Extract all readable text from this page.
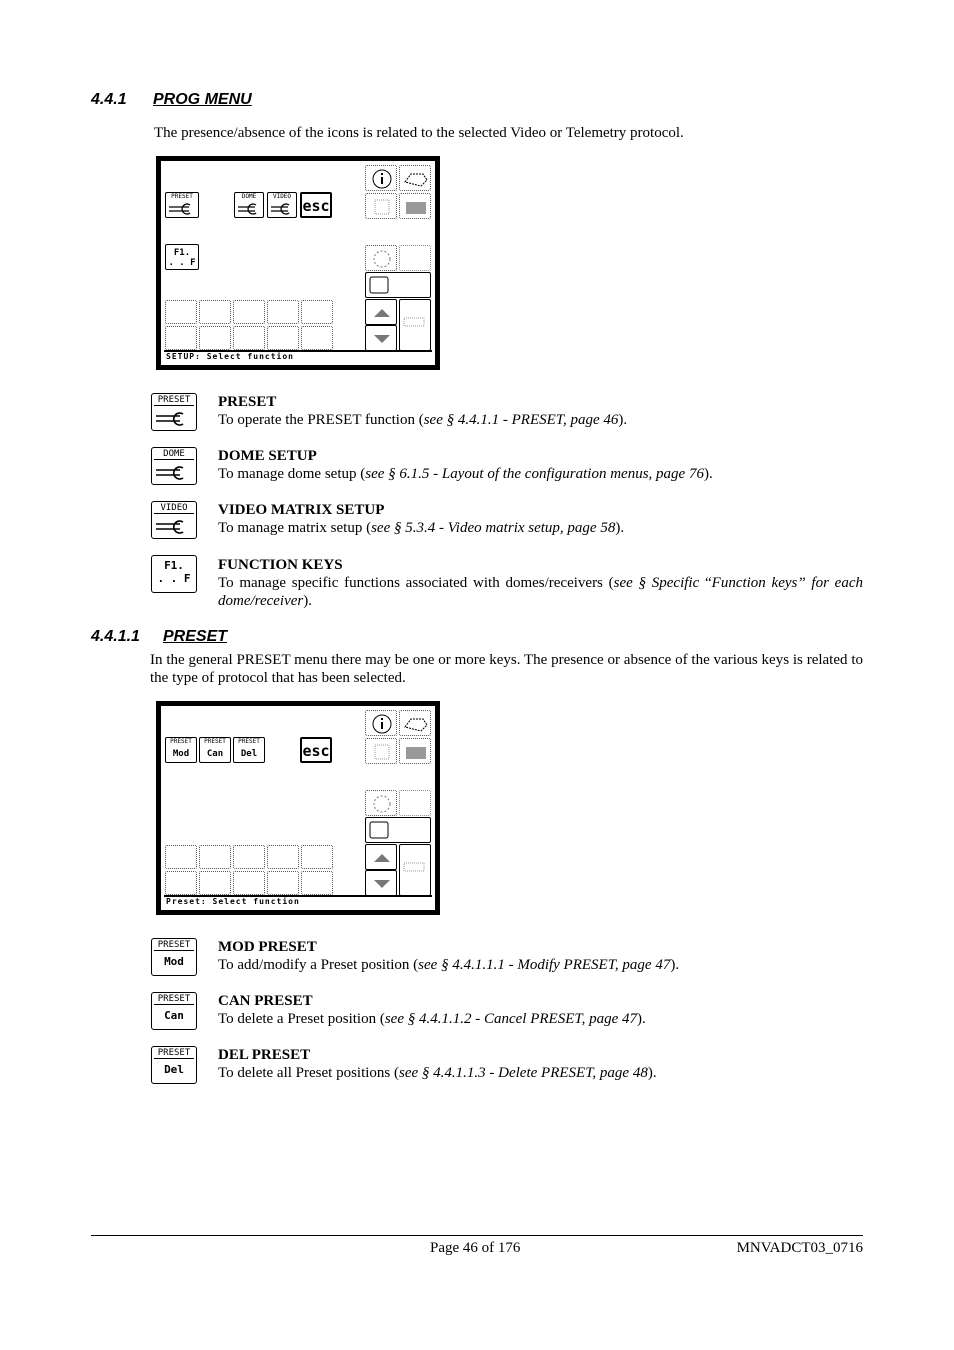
4.4.1 PROG MENU
The presence/absence of the icons is related to the selected Video or Telemetry protocol.
PRESET	DOME	VIDEO
esc
F1.
. . F
SETUP: Select function
PRESET PRESET
To operate the PRESET function (see § 4.4.1.1 - PRESET, page 46).
DOME	DOME SETUP
To manage dome setup (see § 6.1.5 - Layout of the configuration menus, page 76).
VIDEO	VIDEO MATRIX SETUP
To manage matrix setup (see § 5.3.4 - Video matrix setup, page 58).
F1.
. . F
FUNCTION KEYS
To manage specific functions associated with domes/receivers (see § Specific “Function keys” for each dome/receiver).
4.4.1.1 PRESET
In the general PRESET menu there may be one or more keys. The presence or absence of the various keys is related to the type of protocol that has been selected.
PRESET
Mod
PRESET
Can
PRESET
Del	esc
Preset: Select function
PRESET
Mod
MOD PRESET
To add/modify a Preset position (see § 4.4.1.1.1 - Modify PRESET, page 47).
PRESET
Can
CAN PRESET
To delete a Preset position (see § 4.4.1.1.2 - Cancel PRESET, page 47).
PRESET
Del
DEL PRESET
To delete all Preset positions (see § 4.4.1.1.3 - Delete PRESET, page 48).
Page 46 of 176	MNVADCT03_0716
